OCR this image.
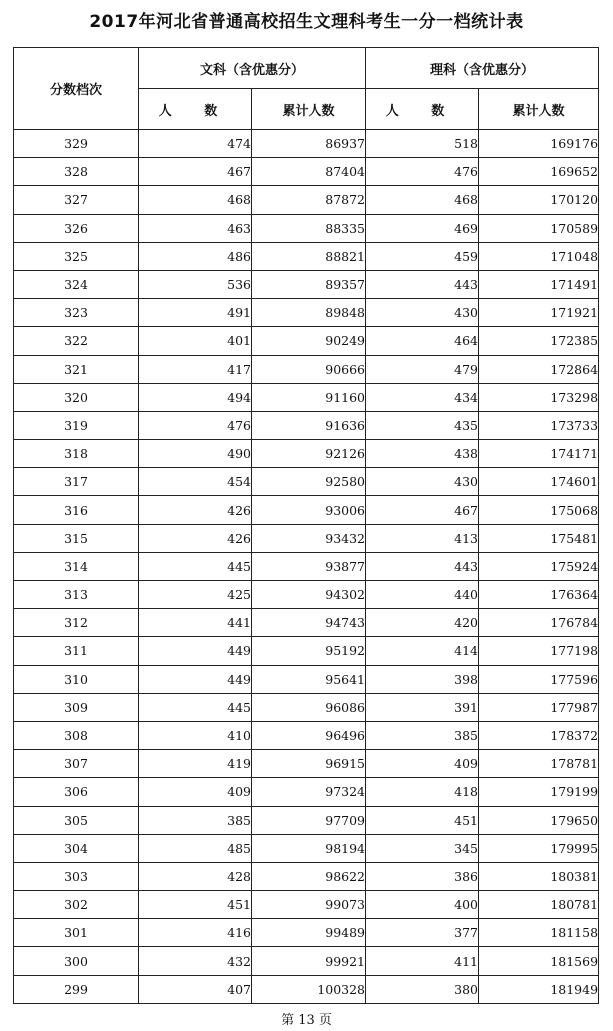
2017年河北省普通高校招生文理科考生一分一档统计表
分数档次	文科（含优惠分）		理科（含优惠分）	
	人 数	累计人数	人 数	累计人数
329	474	86937	518	169176
328	467	87404	476	169652
327	468	87872	468	170120
326	463	88335	469	170589
325	486	88821	459	171048
324	536	89357	443	171491
323	491	89848	430	171921
322	401	90249	464	172385
321	417	90666	479	172864
320	494	91160	434	173298
319	476	91636	435	173733
318	490	92126	438	174171
317	454	92580	430	174601
316	426	93006	467	175068
315	426	93432	413	175481
314	445	93877	443	175924
313	425	94302	440	176364
312	441	94743	420	176784
311	449	95192	414	177198
310	449	95641	398	177596
309	445	96086	391	177987
308	410	96496	385	178372
307	419	96915	409	178781
306	409	97324	418	179199
305	385	97709	451	179650
304	485	98194	345	179995
303	428	98622	386	180381
302	451	99073	400	180781
301	416	99489	377	181158
300	432	99921	411	181569
299	407	100328	380	181949
第 13 页
